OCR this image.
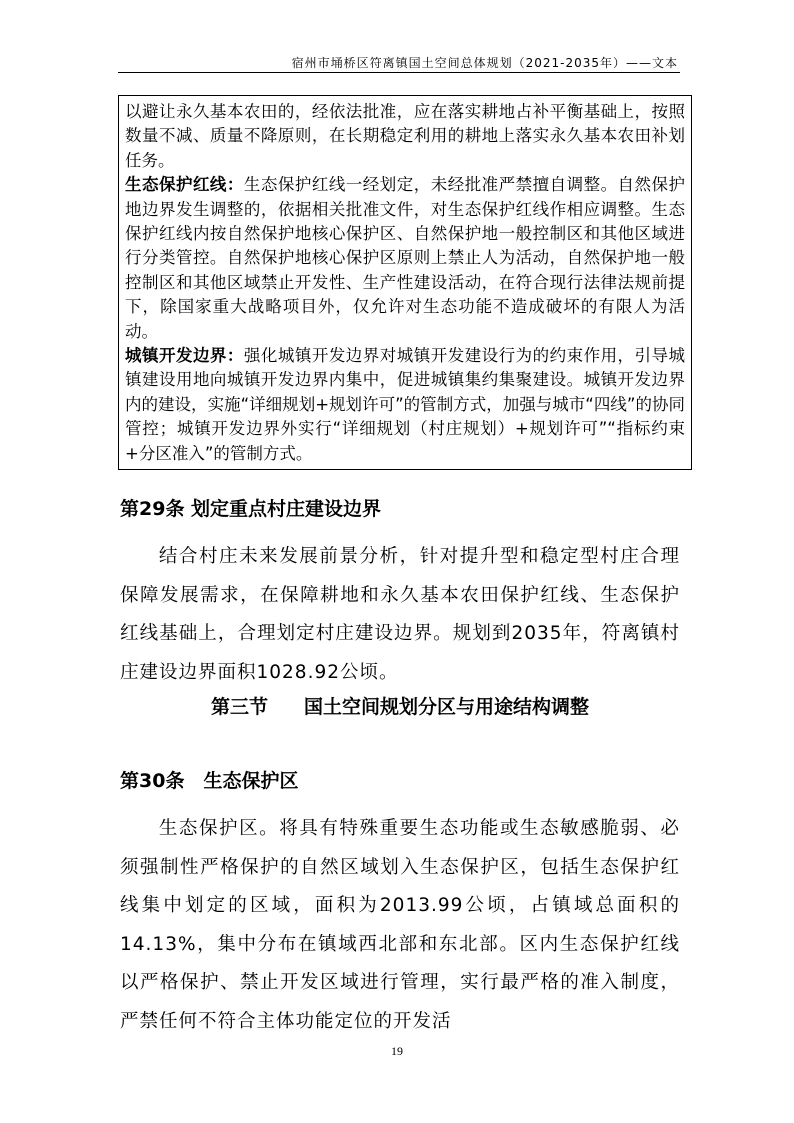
宿州市埇桥区符离镇国土空间总体规划（2021-2035年）——文本

以避让永久基本农田的，经依法批准，应在落实耕地占补平衡基础上，按照数量不减、质量不降原则，在长期稳定利用的耕地上落实永久基本农田补划任务。

生态保护红线：生态保护红线一经划定，未经批准严禁擅自调整。自然保护地边界发生调整的，依据相关批准文件，对生态保护红线作相应调整。生态保护红线内按自然保护地核心保护区、自然保护地一般控制区和其他区域进行分类管控。自然保护地核心保护区原则上禁止人为活动，自然保护地一般控制区和其他区域禁止开发性、生产性建设活动，在符合现行法律法规前提下，除国家重大战略项目外，仅允许对生态功能不造成破坏的有限人为活动。

城镇开发边界：强化城镇开发边界对城镇开发建设行为的约束作用，引导城镇建设用地向城镇开发边界内集中，促进城镇集约集聚建设。城镇开发边界内的建设，实施“详细规划+规划许可”的管制方式，加强与城市“四线”的协同管控；城镇开发边界外实行“详细规划（村庄规划）+规划许可”“指标约束+分区准入”的管制方式。

第29条 划定重点村庄建设边界

结合村庄未来发展前景分析，针对提升型和稳定型村庄合理保障发展需求，在保障耕地和永久基本农田保护红线、生态保护红线基础上，合理划定村庄建设边界。规划到2035年，符离镇村庄建设边界面积1028.92公顷。

第三节 国土空间规划分区与用途结构调整
第30条　生态保护区

生态保护区。将具有特殊重要生态功能或生态敏感脆弱、必须强制性严格保护的自然区域划入生态保护区，包括生态保护红线集中划定的区域，面积为2013.99公顷，占镇域总面积的14.13%，集中分布在镇域西北部和东北部。区内生态保护红线以严格保护、禁止开发区域进行管理，实行最严格的准入制度，严禁任何不符合主体功能定位的开发活

19
